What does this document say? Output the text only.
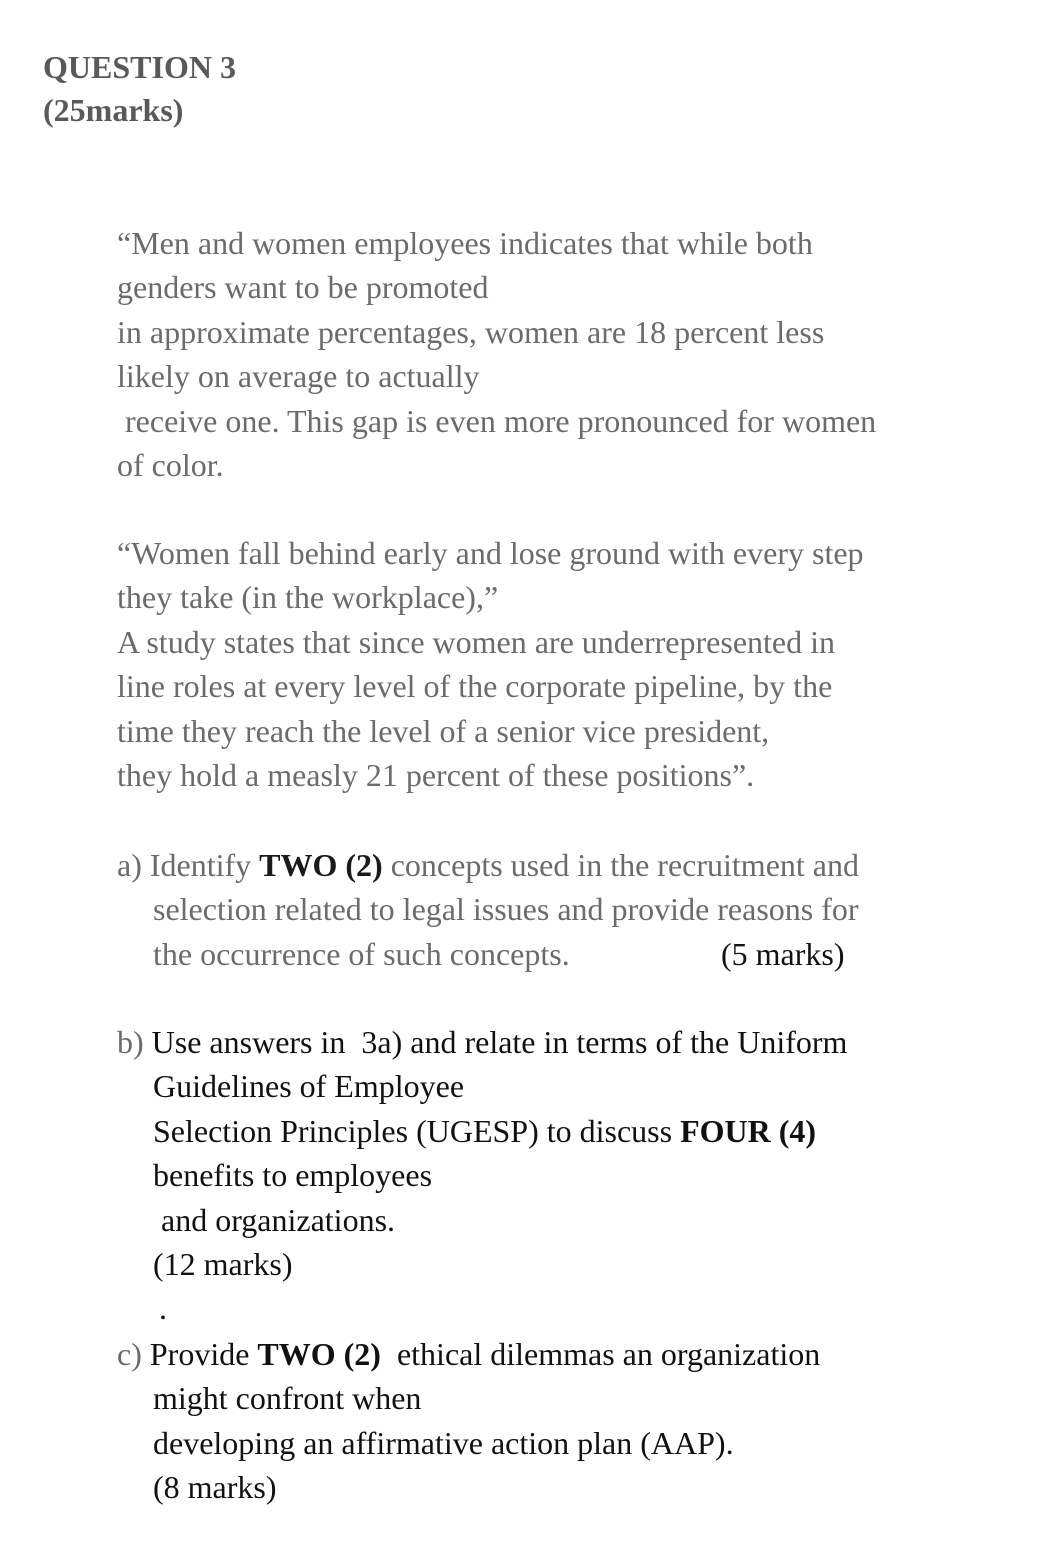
QUESTION 3
(25marks)
“Men and women employees indicates that while both
genders want to be promoted
in approximate percentages, women are 18 percent less
likely on average to actually
receive one. This gap is even more pronounced for women
of color.
“Women fall behind early and lose ground with every step
they take (in the workplace),”
A study states that since women are underrepresented in
line roles at every level of the corporate pipeline, by the
time they reach the level of a senior vice president,
they hold a measly 21 percent of these positions”.
a) Identify TWO (2) concepts used in the recruitment and
selection related to legal issues and provide reasons for
the occurrence of such concepts.	(5 marks)
b) Use answers in  3a) and relate in terms of the Uniform
Guidelines of Employee
Selection Principles (UGESP) to discuss FOUR (4)
benefits to employees
and organizations.
(12 marks)
.
c) Provide TWO (2)  ethical dilemmas an organization
might confront when
developing an affirmative action plan (AAP).
(8 marks)
